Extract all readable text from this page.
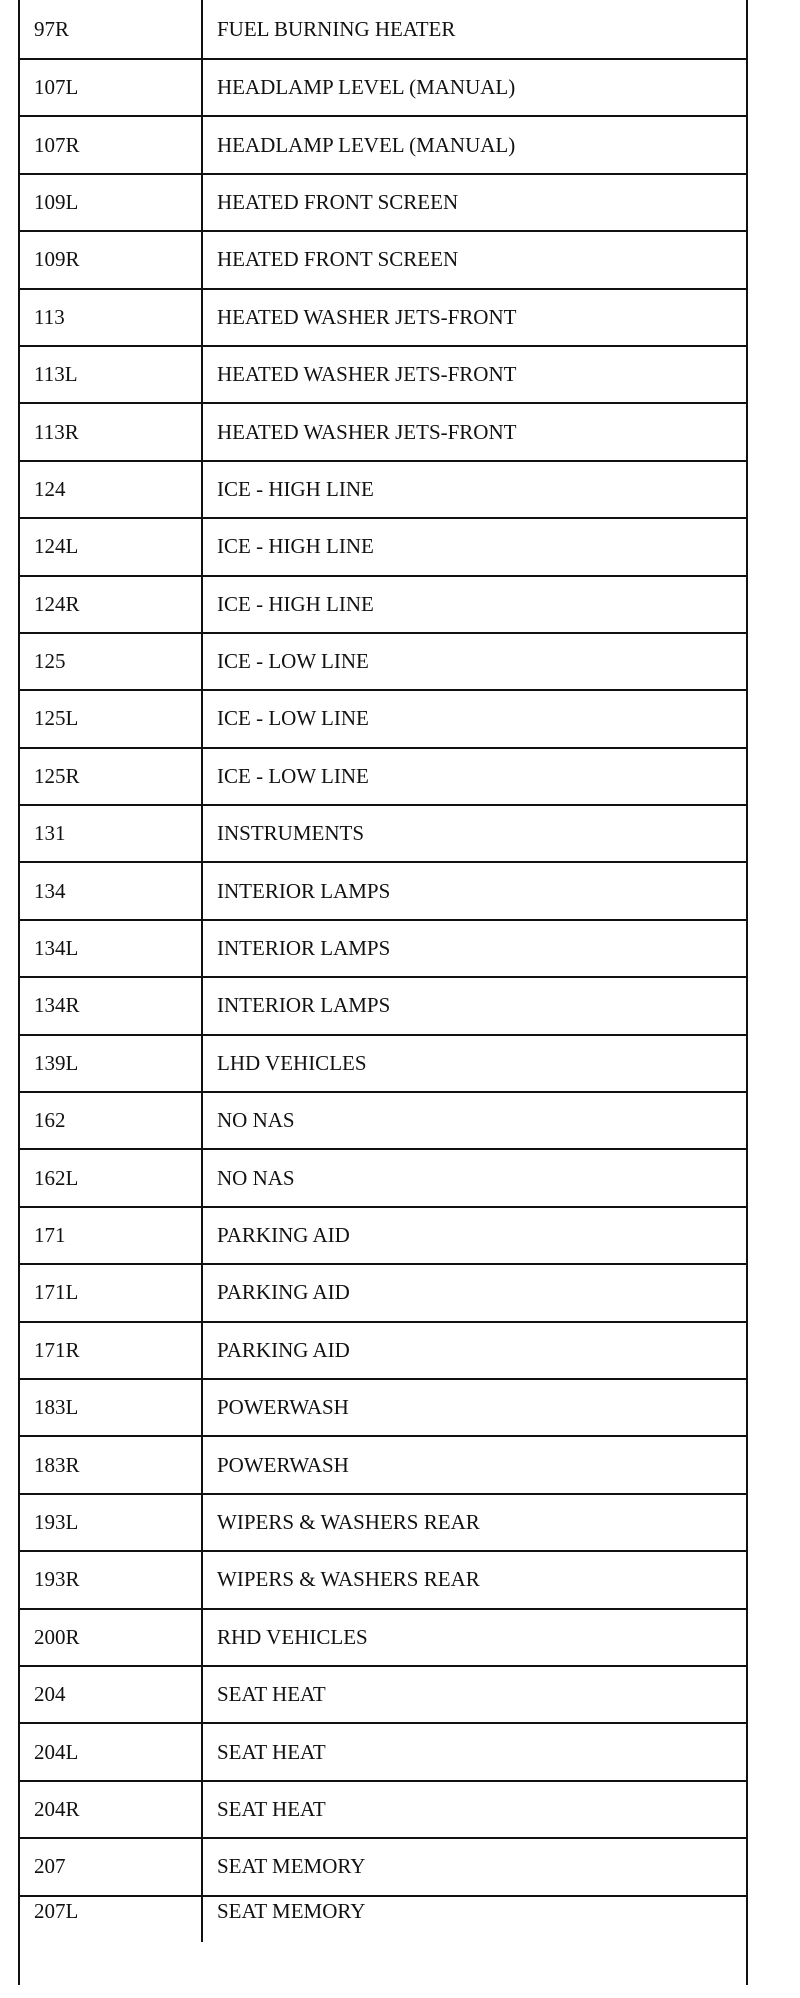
97R	FUEL BURNING HEATER
107L	HEADLAMP LEVEL (MANUAL)
107R	HEADLAMP LEVEL (MANUAL)
109L	HEATED FRONT SCREEN
109R	HEATED FRONT SCREEN
113	HEATED WASHER JETS-FRONT
113L	HEATED WASHER JETS-FRONT
113R	HEATED WASHER JETS-FRONT
124	ICE - HIGH LINE
124L	ICE - HIGH LINE
124R	ICE - HIGH LINE
125	ICE - LOW LINE
125L	ICE - LOW LINE
125R	ICE - LOW LINE
131	INSTRUMENTS
134	INTERIOR LAMPS
134L	INTERIOR LAMPS
134R	INTERIOR LAMPS
139L	LHD VEHICLES
162	NO NAS
162L	NO NAS
171	PARKING AID
171L	PARKING AID
171R	PARKING AID
183L	POWERWASH
183R	POWERWASH
193L	WIPERS & WASHERS REAR
193R	WIPERS & WASHERS REAR
200R	RHD VEHICLES
204	SEAT HEAT
204L	SEAT HEAT
204R	SEAT HEAT
207	SEAT MEMORY
207L	SEAT MEMORY
